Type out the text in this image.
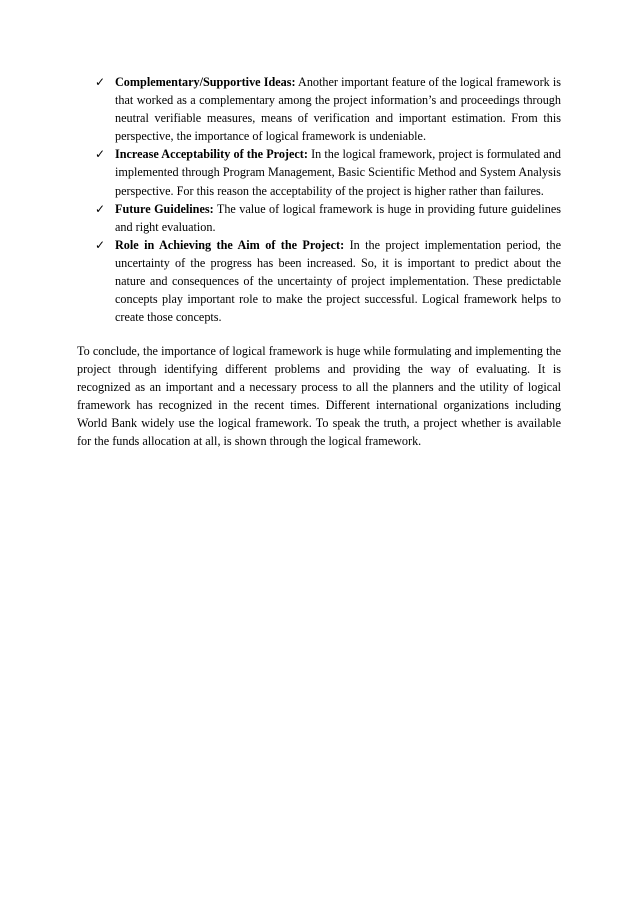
✓ Complementary/Supportive Ideas: Another important feature of the logical framework is that worked as a complementary among the project information’s and proceedings through neutral verifiable measures, means of verification and important estimation. From this perspective, the importance of logical framework is undeniable.
✓ Increase Acceptability of the Project: In the logical framework, project is formulated and implemented through Program Management, Basic Scientific Method and System Analysis perspective. For this reason the acceptability of the project is higher rather than failures.
✓ Future Guidelines: The value of logical framework is huge in providing future guidelines and right evaluation.
✓ Role in Achieving the Aim of the Project: In the project implementation period, the uncertainty of the progress has been increased. So, it is important to predict about the nature and consequences of the uncertainty of project implementation. These predictable concepts play important role to make the project successful. Logical framework helps to create those concepts.

To conclude, the importance of logical framework is huge while formulating and implementing the project through identifying different problems and providing the way of evaluating. It is recognized as an important and a necessary process to all the planners and the utility of logical framework has recognized in the recent times. Different international organizations including World Bank widely use the logical framework. To speak the truth, a project whether is available for the funds allocation at all, is shown through the logical framework.
